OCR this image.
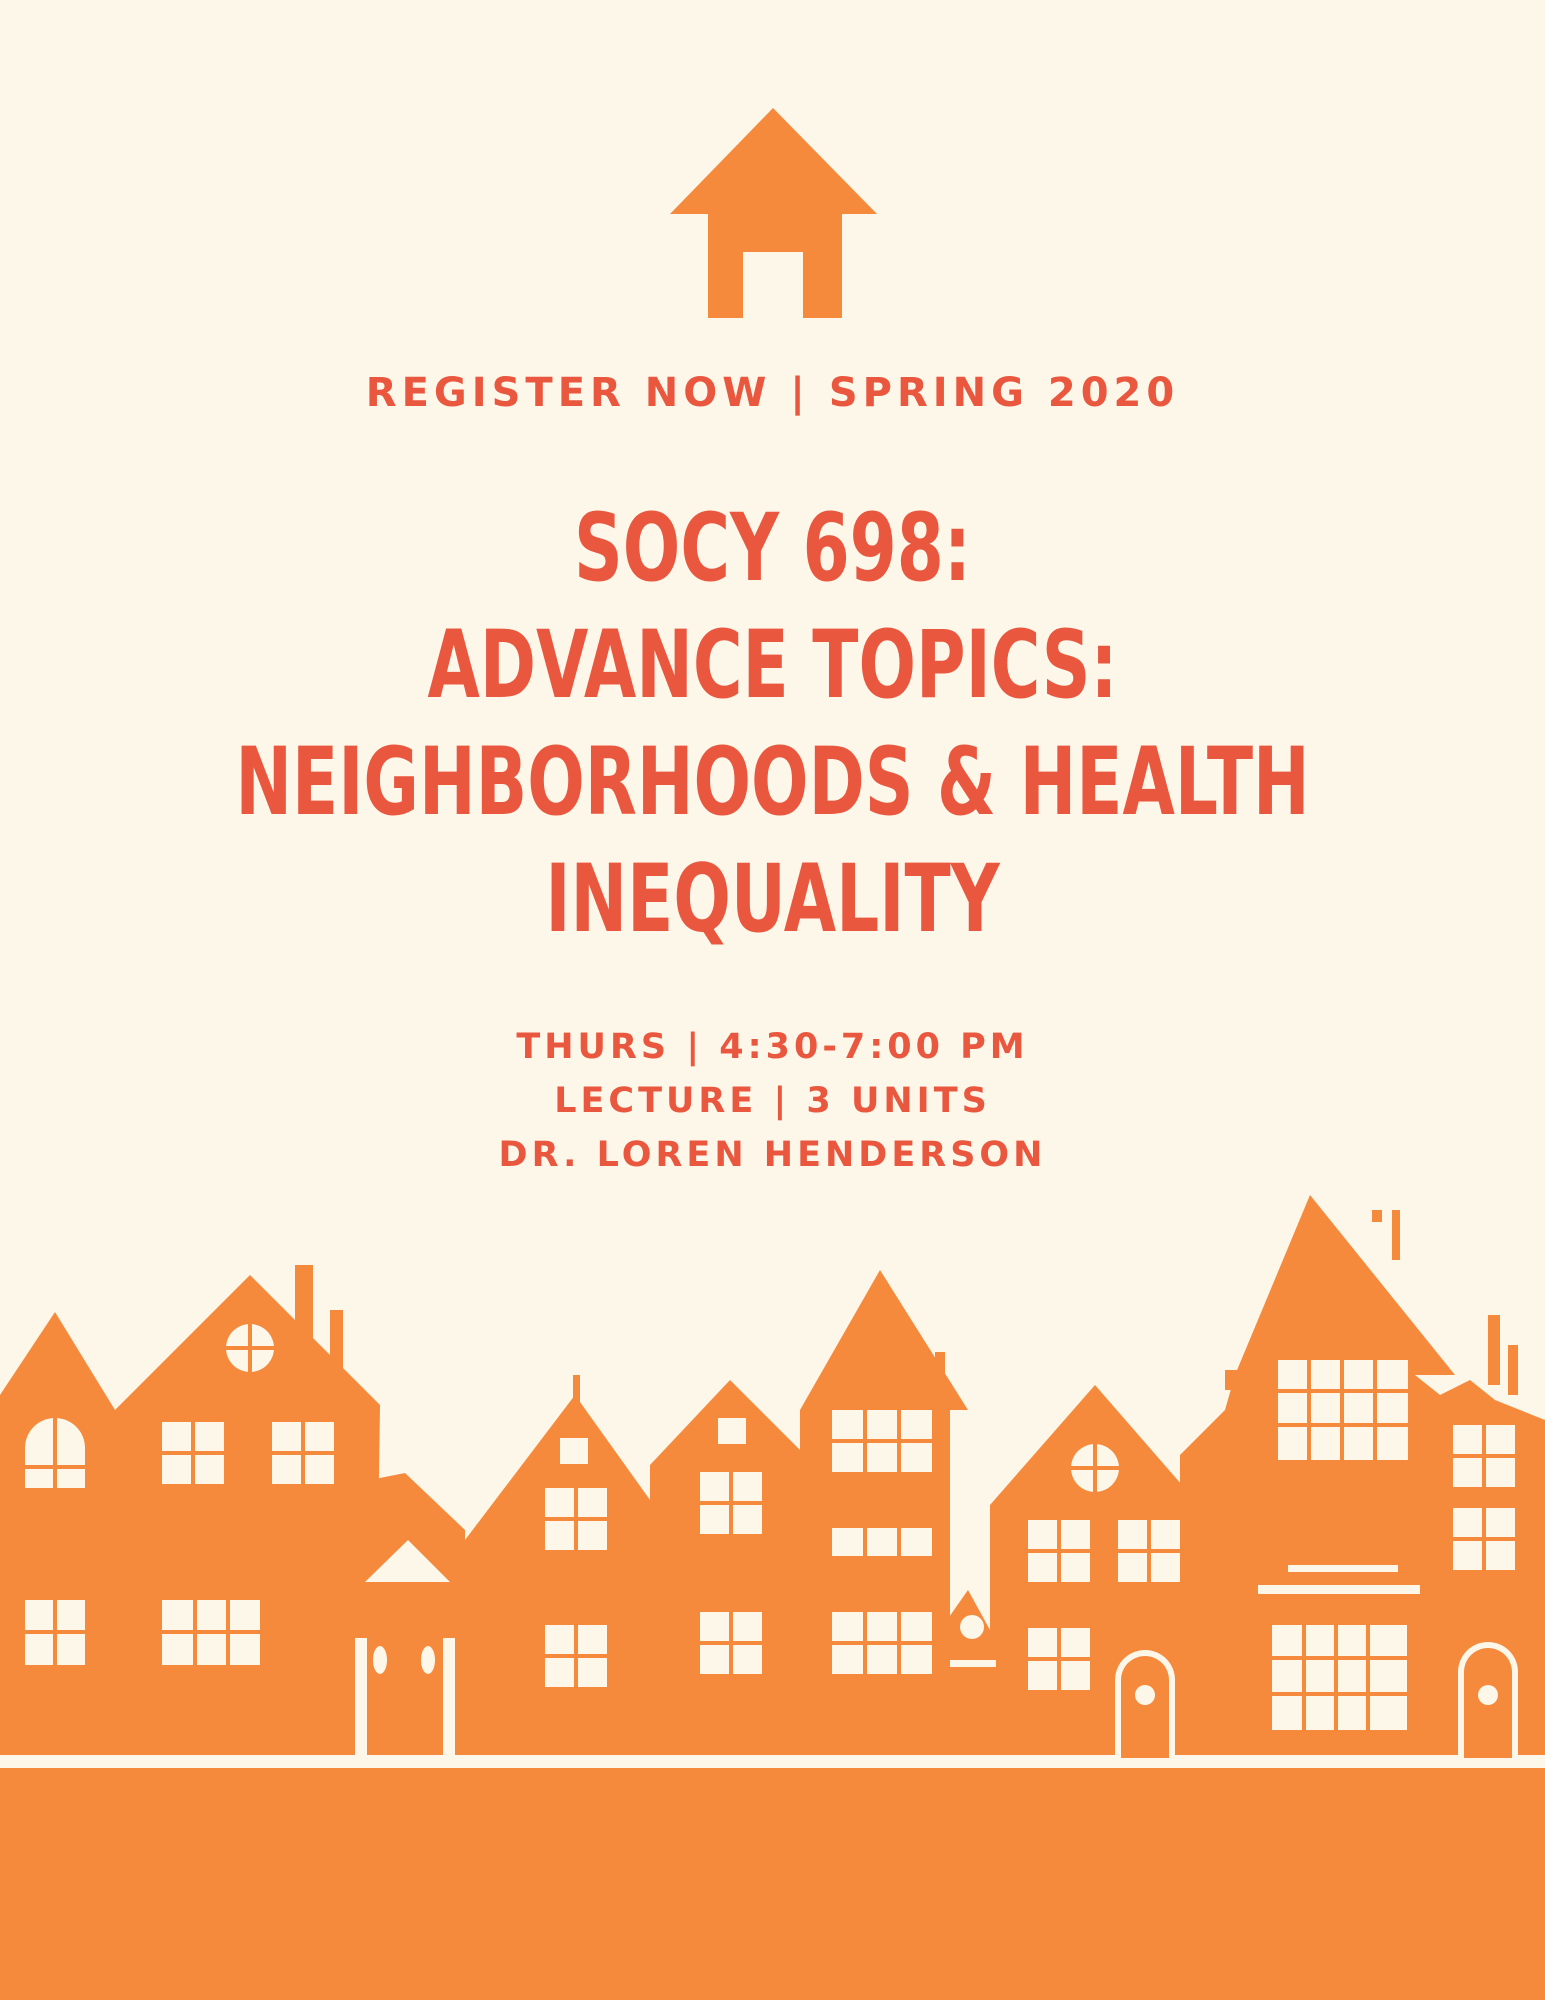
REGISTER NOW | SPRING 2020
SOCY 698:
ADVANCE TOPICS:
NEIGHBORHOODS & HEALTH
INEQUALITY
THURS | 4:30-7:00 PM
LECTURE | 3 UNITS
DR. LOREN HENDERSON
